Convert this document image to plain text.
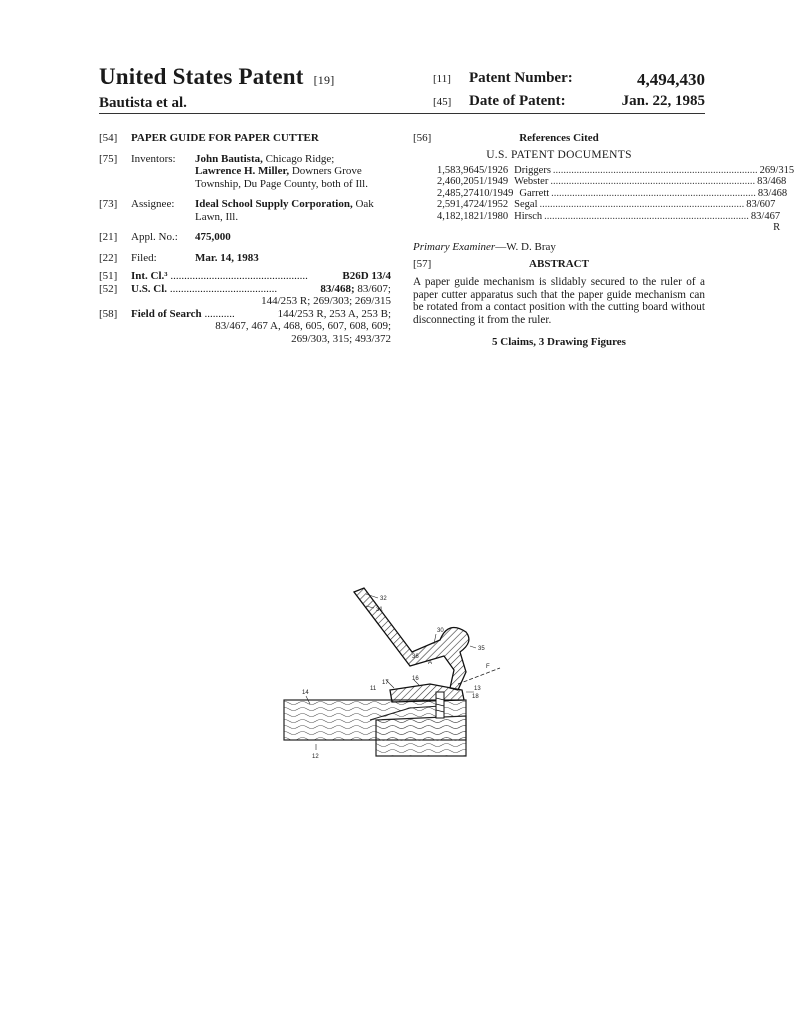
United States Patent [19]
Bautista et al.
[11] Patent Number:	4,494,430
[45] Date of Patent:	Jan. 22, 1985
[54] PAPER GUIDE FOR PAPER CUTTER
[75] Inventors: John Bautista, Chicago Ridge;
Lawrence H. Miller, Downers Grove Township, Du Page County, both of Ill.
[73] Assignee: Ideal School Supply Corporation, Oak Lawn, Ill.
[21] Appl. No.: 475,000
[22] Filed:	Mar. 14, 1983
[51] Int. Cl.³ ..................................................	B26D 13/4
[52] U.S. Cl. .......................................	83/468; 83/607;
144/253 R; 269/303; 269/315
[58] Field of Search ...........	144/253 R, 253 A, 253 B;
83/467, 467 A, 468, 605, 607, 608, 609;
269/303, 315; 493/372
[56]	References Cited
U.S. PATENT DOCUMENTS
1,583,964 5/1926 Driggers .............................................................................. 269/315
2,460,205 1/1949 Webster .............................................................................. 83/468
2,485,274 10/1949 Garrett .............................................................................. 83/468
2,591,472 4/1952 Segal .............................................................................. 83/607
4,182,182 1/1980 Hirsch .............................................................................. 83/467 R
Primary Examiner—W. D. Bray
[57]	ABSTRACT
A paper guide mechanism is slidably secured to the ruler of a paper cutter apparatus such that the paper guide mechanism can be rotated from a contact position with the cutting board without disconnecting it from the ruler.
5 Claims, 3 Drawing Figures
32
31
30
35
36
A
17
16
13
18
F
14
11
12
